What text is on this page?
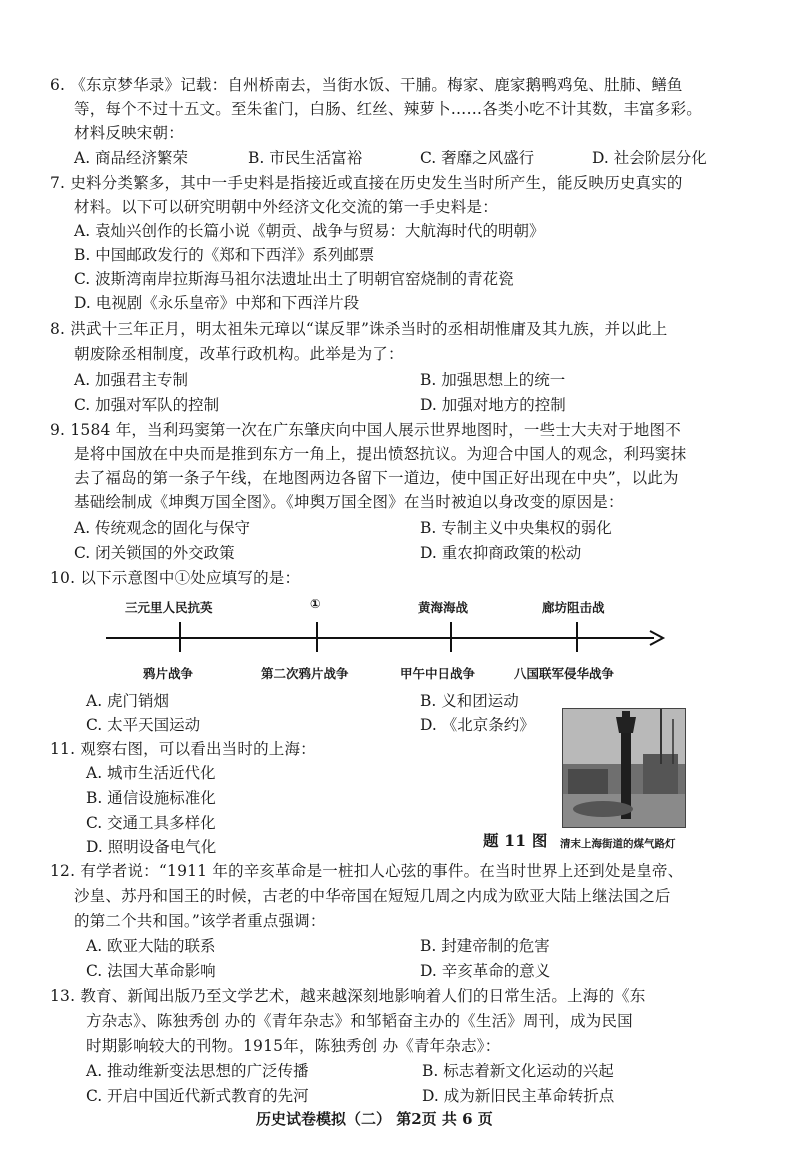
6. 《东京梦华录》记载：自州桥南去，当街水饭、干脯。梅家、鹿家鹅鸭鸡兔、肚肺、鳝鱼
等，每个不过十五文。至朱雀门，白肠、红丝、辣萝卜……各类小吃不计其数，丰富多彩。
材料反映宋朝：
A. 商品经济繁荣	B. 市民生活富裕	C. 奢靡之风盛行	D. 社会阶层分化
7. 史料分类繁多，其中一手史料是指接近或直接在历史发生当时所产生，能反映历史真实的
材料。以下可以研究明朝中外经济文化交流的第一手史料是：
A. 袁灿兴创作的长篇小说《朝贡、战争与贸易：大航海时代的明朝》
B. 中国邮政发行的《郑和下西洋》系列邮票
C. 波斯湾南岸拉斯海马祖尔法遗址出土了明朝官窑烧制的青花瓷
D. 电视剧《永乐皇帝》中郑和下西洋片段
8. 洪武十三年正月，明太祖朱元璋以“谋反罪”诛杀当时的丞相胡惟庸及其九族，并以此上
朝废除丞相制度，改革行政机构。此举是为了：
A. 加强君主专制	B. 加强思想上的统一
C. 加强对军队的控制	D. 加强对地方的控制
9. 1584 年，当利玛窦第一次在广东肇庆向中国人展示世界地图时，一些士大夫对于地图不
是将中国放在中央而是推到东方一角上，提出愤怒抗议。为迎合中国人的观念，利玛窦抹
去了福岛的第一条子午线，在地图两边各留下一道边，使中国正好出现在中央”，以此为
基础绘制成《坤舆万国全图》。《坤舆万国全图》在当时被迫以身改变的原因是：
A. 传统观念的固化与保守	B. 专制主义中央集权的弱化
C. 闭关锁国的外交政策	D. 重农抑商政策的松动
10. 以下示意图中①处应填写的是：
三元里人民抗英	①	黄海海战	廊坊阻击战
鸦片战争	第二次鸦片战争	甲午中日战争	八国联军侵华战争
A. 虎门销烟	B. 义和团运动
C. 太平天国运动	D. 《北京条约》
11. 观察右图，可以看出当时的上海：
A. 城市生活近代化
B. 通信设施标准化
C. 交通工具多样化
D. 照明设备电气化	题 11 图 清末上海街道的煤气路灯
12. 有学者说：“1911 年的辛亥革命是一桩扣人心弦的事件。在当时世界上还到处是皇帝、
沙皇、苏丹和国王的时候，古老的中华帝国在短短几周之内成为欧亚大陆上继法国之后
的第二个共和国。”该学者重点强调：
A. 欧亚大陆的联系	B. 封建帝制的危害
C. 法国大革命影响	D. 辛亥革命的意义
13. 教育、新闻出版乃至文学艺术，越来越深刻地影响着人们的日常生活。上海的《东
方杂志》、陈独秀创 办的《青年杂志》和邹韬奋主办的《生活》周刊，成为民国
时期影响较大的刊物。1915年，陈独秀创 办《青年杂志》：
A. 推动维新变法思想的广泛传播	B. 标志着新文化运动的兴起
C. 开启中国近代新式教育的先河	D. 成为新旧民主革命转折点
历史试卷模拟（二） 第2页 共 6 页
